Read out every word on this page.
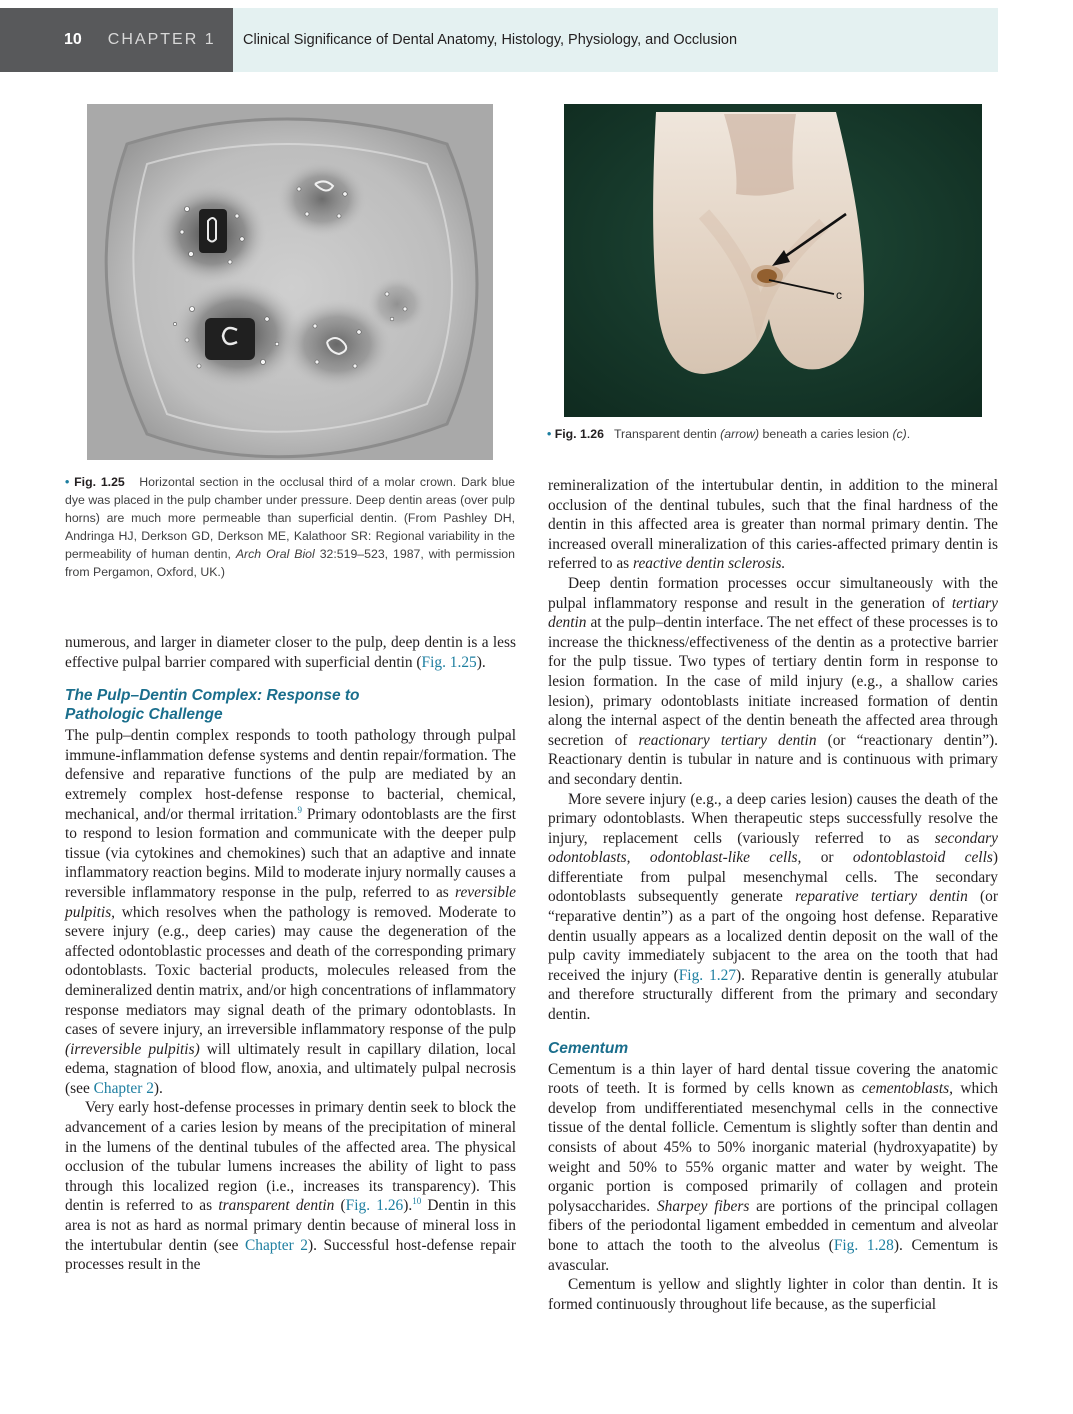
10 CHAPTER 1 Clinical Significance of Dental Anatomy, Histology, Physiology, and Occlusion
c
• Fig. 1.26 Transparent dentin (arrow) beneath a caries lesion (c).
• Fig. 1.25 Horizontal section in the occlusal third of a molar crown. Dark blue dye was placed in the pulp chamber under pressure. Deep dentin areas (over pulp horns) are much more permeable than superficial dentin. (From Pashley DH, Andringa HJ, Derkson GD, Derkson ME, Kalathoor SR: Regional variability in the permeability of human dentin, Arch Oral Biol 32:519–523, 1987, with permission from Pergamon, Oxford, UK.)

numerous, and larger in diameter closer to the pulp, deep dentin is a less effective pulpal barrier compared with superficial dentin (Fig. 1.25).

The Pulp–Dentin Complex: Response to Pathologic Challenge

The pulp–dentin complex responds to tooth pathology through pulpal immune-inflammation defense systems and dentin repair/formation. The defensive and reparative functions of the pulp are mediated by an extremely complex host-defense response to bacterial, chemical, mechanical, and/or thermal irritation.$^9$ Primary odontoblasts are the first to respond to lesion formation and communicate with the deeper pulp tissue (via cytokines and chemokines) such that an adaptive and innate inflammatory reaction begins. Mild to moderate injury normally causes a reversible inflammatory response in the pulp, referred to as reversible pulpitis, which resolves when the pathology is removed. Moderate to severe injury (e.g., deep caries) may cause the degeneration of the affected odontoblastic processes and death of the corresponding primary odontoblasts. Toxic bacterial products, molecules released from the demineralized dentin matrix, and/or high concentrations of inflammatory response mediators may signal death of the primary odontoblasts. In cases of severe injury, an irreversible inflammatory response of the pulp (irreversible pulpitis) will ultimately result in capillary dilation, local edema, stagnation of blood flow, anoxia, and ultimately pulpal necrosis (see Chapter 2).

Very early host-defense processes in primary dentin seek to block the advancement of a caries lesion by means of the precipitation of mineral in the lumens of the dentinal tubules of the affected area. The physical occlusion of the tubular lumens increases the ability of light to pass through this localized region (i.e., increases its transparency). This dentin is referred to as transparent dentin (Fig. 1.26).$^{10}$ Dentin in this area is not as hard as normal primary dentin because of mineral loss in the intertubular dentin (see Chapter 2). Successful host-defense repair processes result in the

remineralization of the intertubular dentin, in addition to the mineral occlusion of the dentinal tubules, such that the final hardness of the dentin in this affected area is greater than normal primary dentin. The increased overall mineralization of this caries-affected primary dentin is referred to as reactive dentin sclerosis.

Deep dentin formation processes occur simultaneously with the pulpal inflammatory response and result in the generation of tertiary dentin at the pulp–dentin interface. The net effect of these processes is to increase the thickness/effectiveness of the dentin as a protective barrier for the pulp tissue. Two types of tertiary dentin form in response to lesion formation. In the case of mild injury (e.g., a shallow caries lesion), primary odontoblasts initiate increased formation of dentin along the internal aspect of the dentin beneath the affected area through secretion of reactionary tertiary dentin (or “reactionary dentin”). Reactionary dentin is tubular in nature and is continuous with primary and secondary dentin.

More severe injury (e.g., a deep caries lesion) causes the death of the primary odontoblasts. When therapeutic steps successfully resolve the injury, replacement cells (variously referred to as secondary odontoblasts, odontoblast-like cells, or odontoblastoid cells) differentiate from pulpal mesenchymal cells. The secondary odontoblasts subsequently generate reparative tertiary dentin (or “reparative dentin”) as a part of the ongoing host defense. Reparative dentin usually appears as a localized dentin deposit on the wall of the pulp cavity immediately subjacent to the area on the tooth that had received the injury (Fig. 1.27). Reparative dentin is generally atubular and therefore structurally different from the primary and secondary dentin.

Cementum

Cementum is a thin layer of hard dental tissue covering the anatomic roots of teeth. It is formed by cells known as cementoblasts, which develop from undifferentiated mesenchymal cells in the connective tissue of the dental follicle. Cementum is slightly softer than dentin and consists of about 45% to 50% inorganic material (hydroxyapatite) by weight and 50% to 55% organic matter and water by weight. The organic portion is composed primarily of collagen and protein polysaccharides. Sharpey fibers are portions of the principal collagen fibers of the periodontal ligament embedded in cementum and alveolar bone to attach the tooth to the alveolus (Fig. 1.28). Cementum is avascular.

Cementum is yellow and slightly lighter in color than dentin. It is formed continuously throughout life because, as the superficial
